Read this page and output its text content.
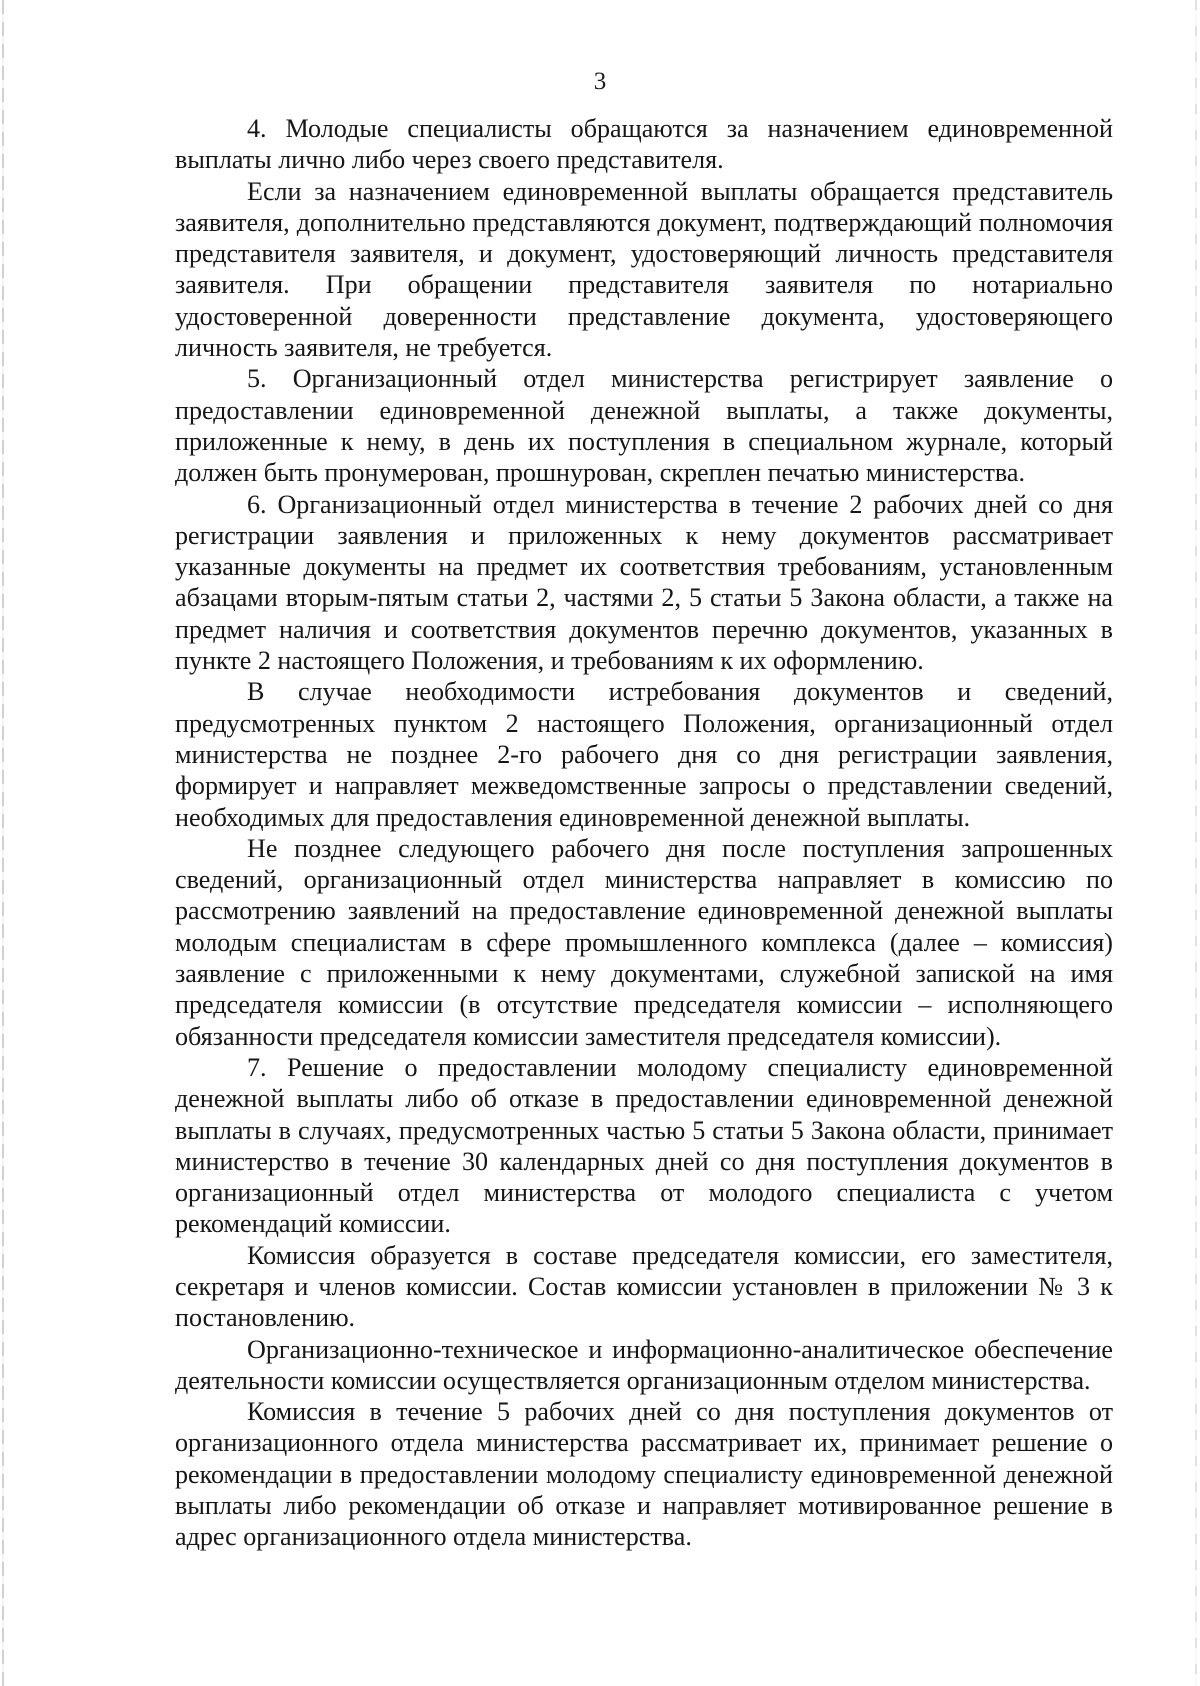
3

4. Молодые специалисты обращаются за назначением единовременной выплаты лично либо через своего представителя.

Если за назначением единовременной выплаты обращается представитель заявителя, дополнительно представляются документ, подтверждающий полномочия представителя заявителя, и документ, удостоверяющий личность представителя заявителя. При обращении представителя заявителя по нотариально удостоверенной доверенности представление документа, удостоверяющего личность заявителя, не требуется.

5. Организационный отдел министерства регистрирует заявление о предоставлении единовременной денежной выплаты, а также документы, приложенные к нему, в день их поступления в специальном журнале, который должен быть пронумерован, прошнурован, скреплен печатью министерства.

6. Организационный отдел министерства в течение 2 рабочих дней со дня регистрации заявления и приложенных к нему документов рассматривает указанные документы на предмет их соответствия требованиям, установленным абзацами вторым-пятым статьи 2, частями 2, 5 статьи 5 Закона области, а также на предмет наличия и соответствия документов перечню документов, указанных в пункте 2 настоящего Положения, и требованиям к их оформлению.

В случае необходимости истребования документов и сведений, предусмотренных пунктом 2 настоящего Положения, организационный отдел министерства не позднее 2-го рабочего дня со дня регистрации заявления, формирует и направляет межведомственные запросы о представлении сведений, необходимых для предоставления единовременной денежной выплаты.

Не позднее следующего рабочего дня после поступления запрошенных сведений, организационный отдел министерства направляет в комиссию по рассмотрению заявлений на предоставление единовременной денежной выплаты молодым специалистам в сфере промышленного комплекса (далее – комиссия) заявление с приложенными к нему документами, служебной запиской на имя председателя комиссии (в отсутствие председателя комиссии – исполняющего обязанности председателя комиссии заместителя председателя комиссии).

7. Решение о предоставлении молодому специалисту единовременной денежной выплаты либо об отказе в предоставлении единовременной денежной выплаты в случаях, предусмотренных частью 5 статьи 5 Закона области, принимает министерство в течение 30 календарных дней со дня поступления документов в организационный отдел министерства от молодого специалиста с учетом рекомендаций комиссии.

Комиссия образуется в составе председателя комиссии, его заместителя, секретаря и членов комиссии. Состав комиссии установлен в приложении № 3 к постановлению.

Организационно-техническое и информационно-аналитическое обеспечение деятельности комиссии осуществляется организационным отделом министерства.

Комиссия в течение 5 рабочих дней со дня поступления документов от организационного отдела министерства рассматривает их, принимает решение о рекомендации в предоставлении молодому специалисту единовременной денежной выплаты либо рекомендации об отказе и направляет мотивированное решение в адрес организационного отдела министерства.
